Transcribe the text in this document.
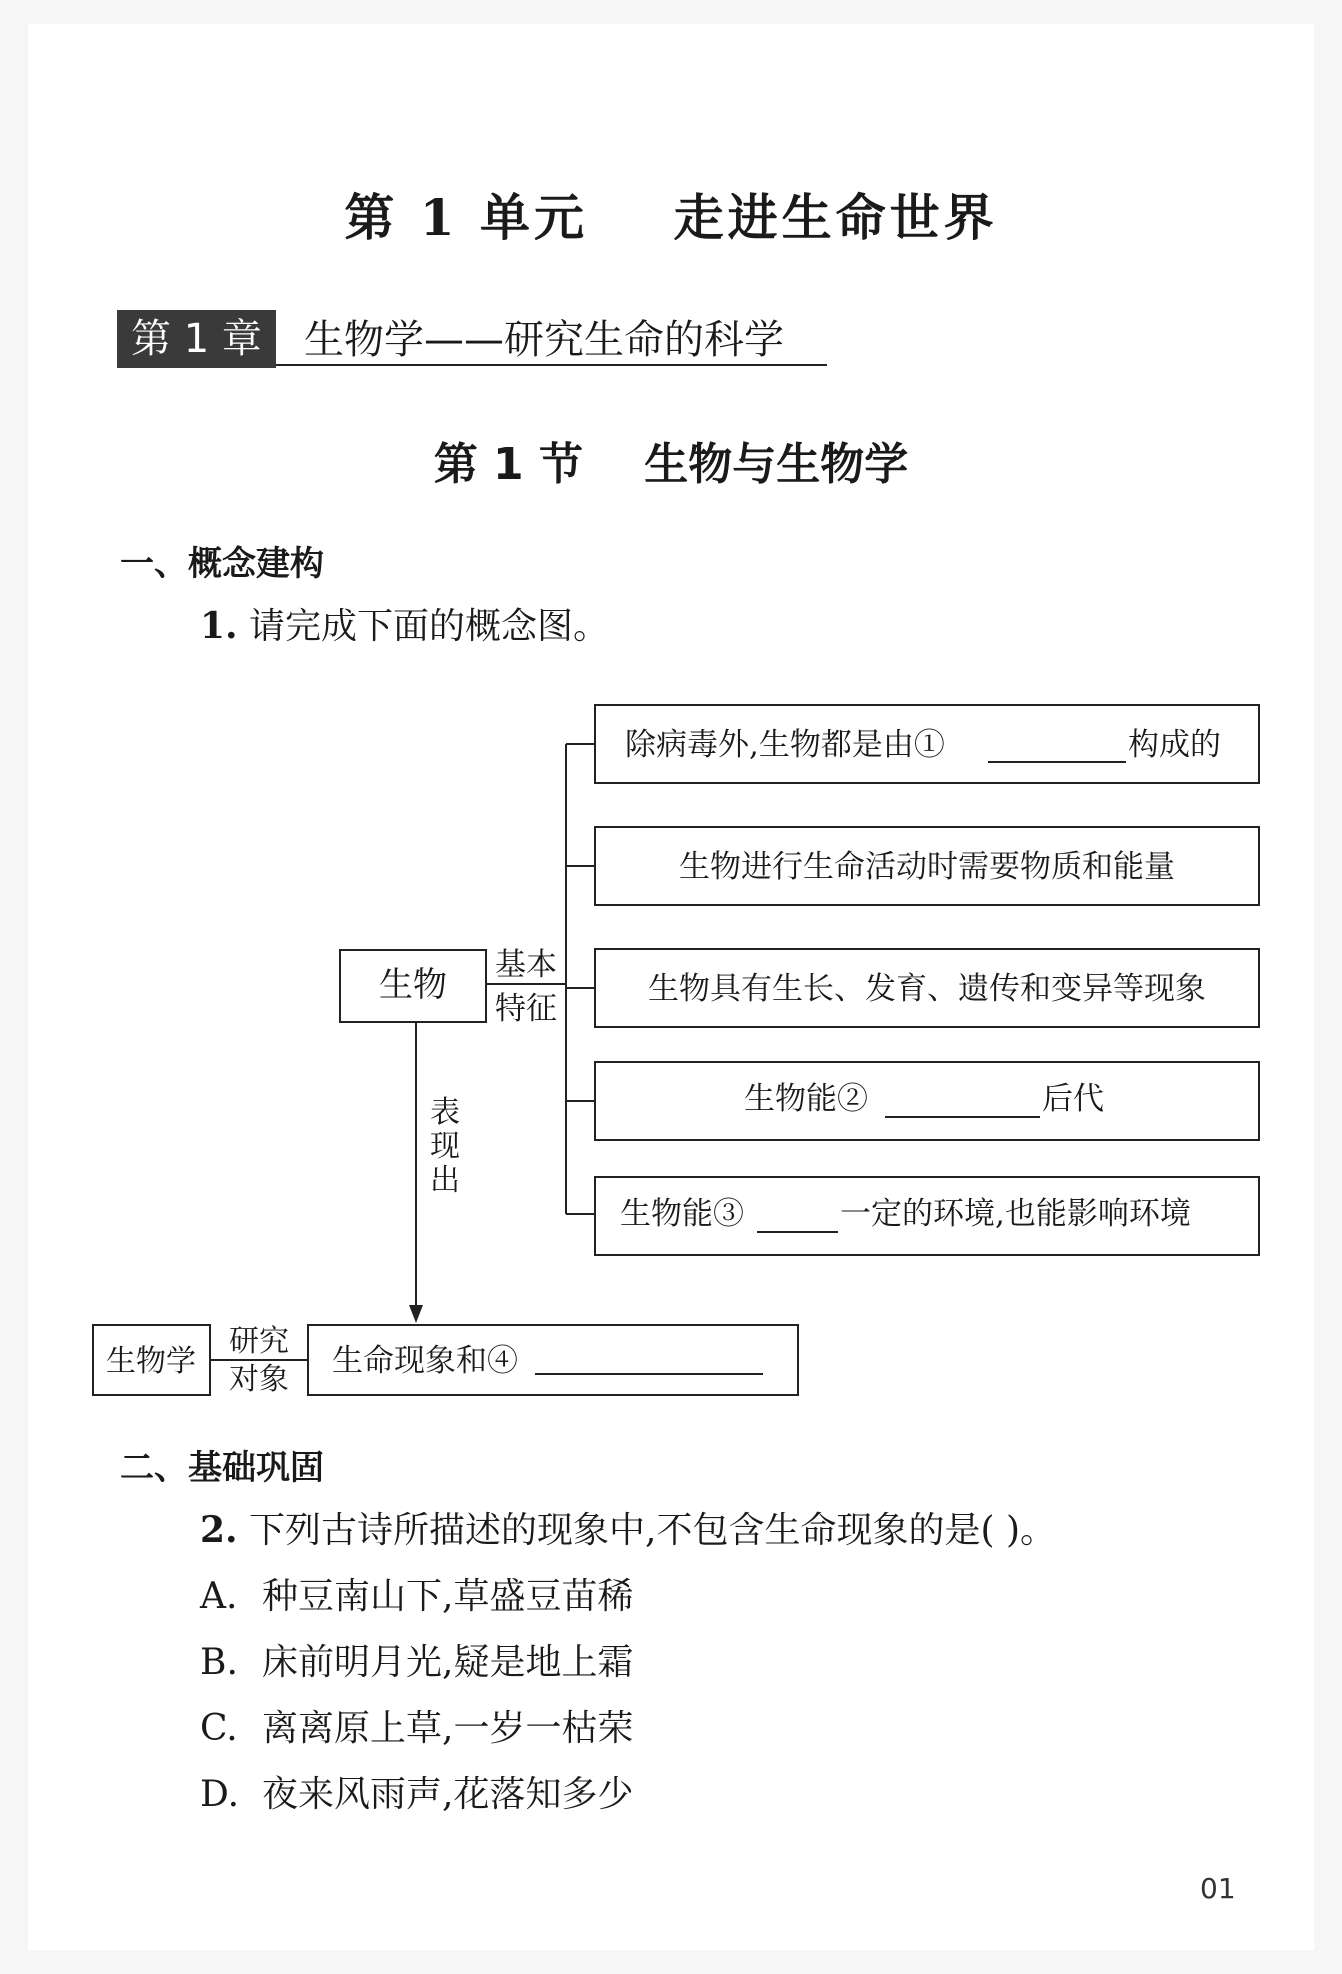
第 1 单元    走进生命世界
第 1 章	生物学——研究生命的科学
第 1 节    生物与生物学
一、概念建构
1. 请完成下面的概念图。
生物 基本
特征
除病毒外,生物都是由①	构成的
生物进行生命活动时需要物质和能量
生物具有生长、发育、遗传和变异等现象
生物能②	后代
生物能③	一定的环境,也能影响环境
表
现
出
生物学
研究
对象
生命现象和④
二、基础巩固
2. 下列古诗所描述的现象中,不包含生命现象的是( )。
A. 种豆南山下,草盛豆苗稀
B. 床前明月光,疑是地上霜
C. 离离原上草,一岁一枯荣
D. 夜来风雨声,花落知多少
01
